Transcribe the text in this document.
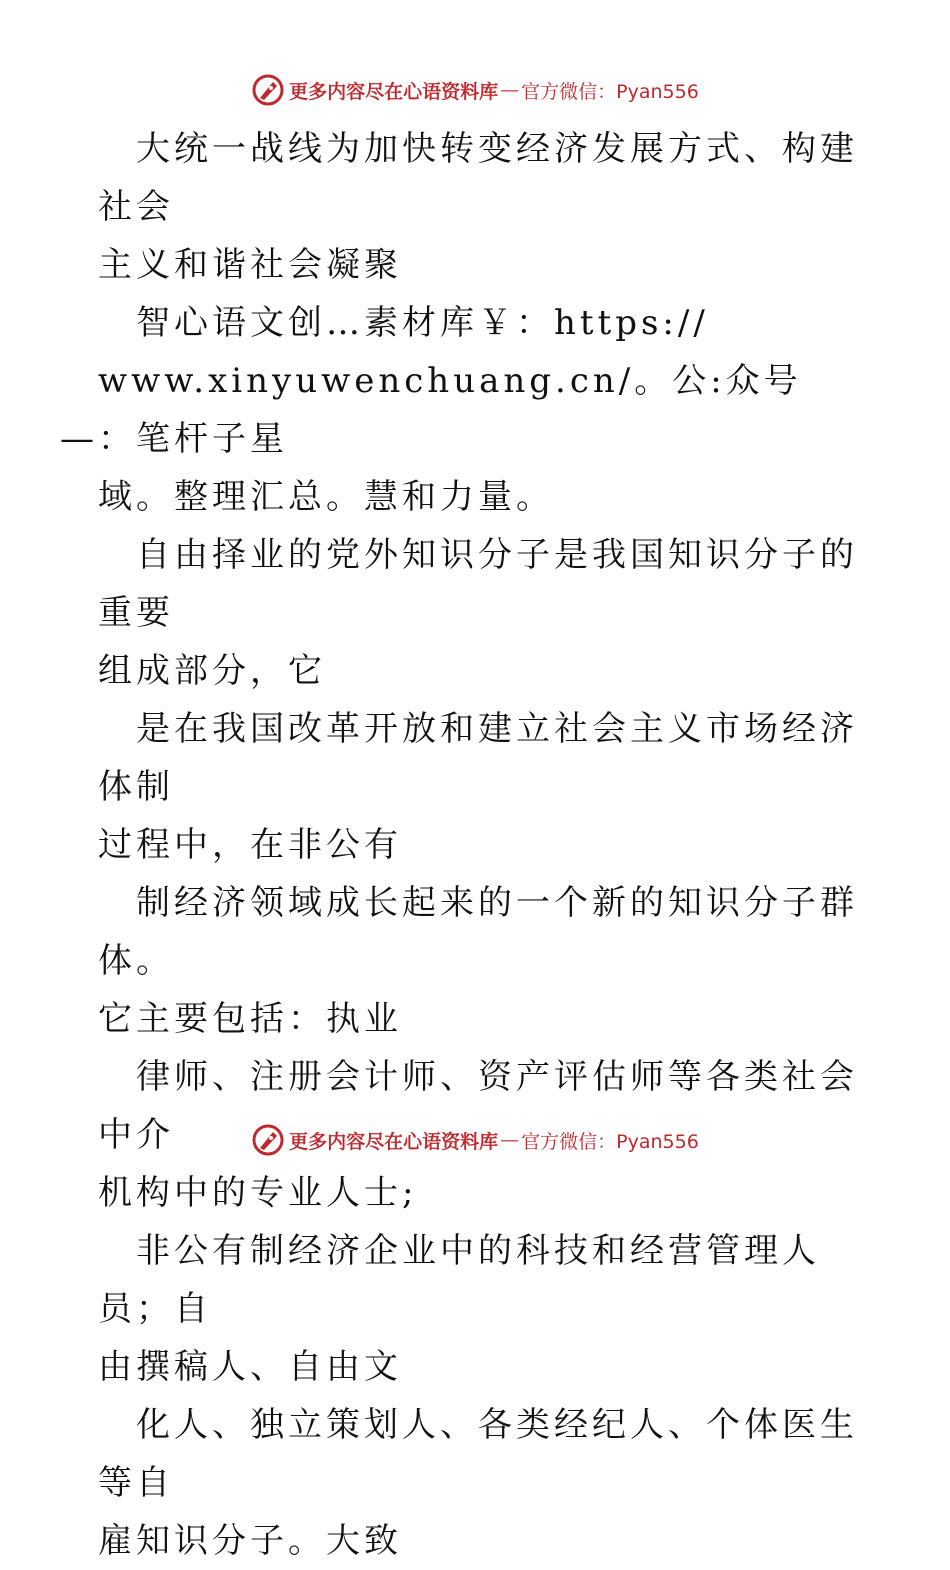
更多内容尽在心语资料库 — 官方微信：Pyan556

大统一战线为加快转变经济发展方式、构建社会
主义和谐社会凝聚

智心语文创…素材库￥：https://
www.xinyuwenchuang.cn/。公:众号—：笔杆子星
域。整理汇总。慧和力量。

自由择业的党外知识分子是我国知识分子的重要
组成部分，它

是在我国改革开放和建立社会主义市场经济体制
过程中，在非公有

制经济领域成长起来的一个新的知识分子群体。
它主要包括：执业

律师、注册会计师、资产评估师等各类社会中介
机构中的专业人士;

非公有制经济企业中的科技和经营管理人员；自
由撰稿人、自由文

化人、独立策划人、各类经纪人、个体医生等自
雇知识分子。大致

更多内容尽在心语资料库 — 官方微信：Pyan556
